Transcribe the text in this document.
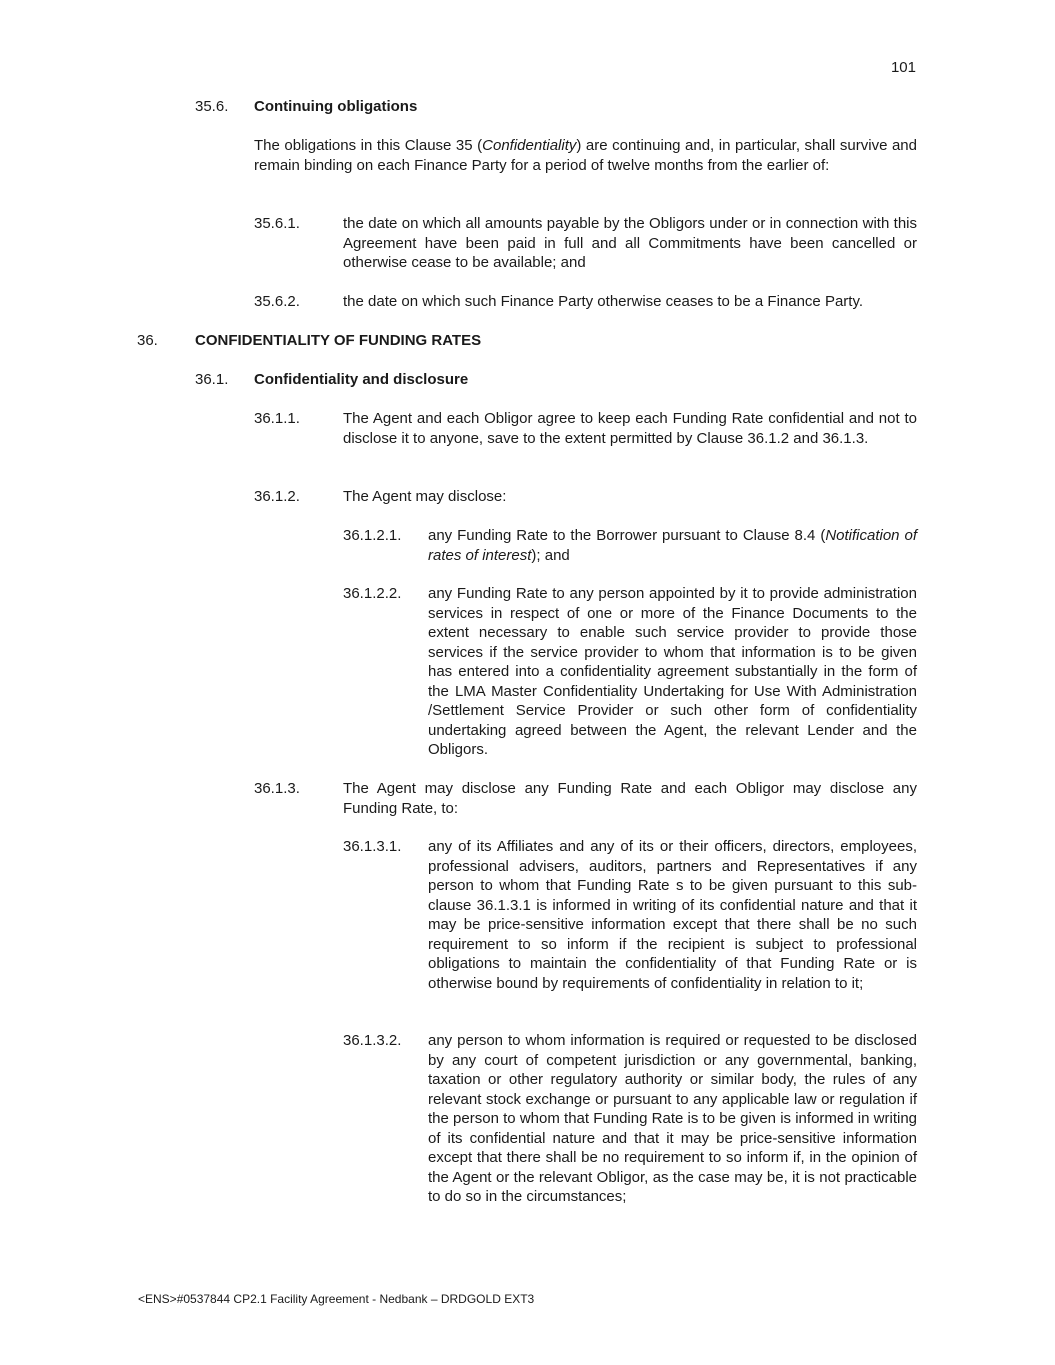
101
35.6. Continuing obligations
The obligations in this Clause 35 (Confidentiality) are continuing and, in particular, shall survive and remain binding on each Finance Party for a period of twelve months from the earlier of:
35.6.1.	the date on which all amounts payable by the Obligors under or in connection with this Agreement have been paid in full and all Commitments have been cancelled or otherwise cease to be available; and
35.6.2.	the date on which such Finance Party otherwise ceases to be a Finance Party.
36. CONFIDENTIALITY OF FUNDING RATES
36.1. Confidentiality and disclosure
36.1.1.	The Agent and each Obligor agree to keep each Funding Rate confidential and not to disclose it to anyone, save to the extent permitted by Clause 36.1.2 and 36.1.3.
36.1.2.	The Agent may disclose:
36.1.2.1. any Funding Rate to the Borrower pursuant to Clause 8.4 (Notification of rates of interest); and
36.1.2.2. any Funding Rate to any person appointed by it to provide administration services in respect of one or more of the Finance Documents to the extent necessary to enable such service provider to provide those services if the service provider to whom that information is to be given has entered into a confidentiality agreement substantially in the form of the LMA Master Confidentiality Undertaking for Use With Administration /Settlement Service Provider or such other form of confidentiality undertaking agreed between the Agent, the relevant Lender and the Obligors.
36.1.3.	The Agent may disclose any Funding Rate and each Obligor may disclose any Funding Rate, to:
36.1.3.1. any of its Affiliates and any of its or their officers, directors, employees, professional advisers, auditors, partners and Representatives if any person to whom that Funding Rate s to be given pursuant to this sub-clause 36.1.3.1 is informed in writing of its confidential nature and that it may be price-sensitive information except that there shall be no such requirement to so inform if the recipient is subject to professional obligations to maintain the confidentiality of that Funding Rate or is otherwise bound by requirements of confidentiality in relation to it;
36.1.3.2. any person to whom information is required or requested to be disclosed by any court of competent jurisdiction or any governmental, banking, taxation or other regulatory authority or similar body, the rules of any relevant stock exchange or pursuant to any applicable law or regulation if the person to whom that Funding Rate is to be given is informed in writing of its confidential nature and that it may be price-sensitive information except that there shall be no requirement to so inform if, in the opinion of the Agent or the relevant Obligor, as the case may be, it is not practicable to do so in the circumstances;
<ENS>#0537844 CP2.1 Facility Agreement - Nedbank – DRDGOLD EXT3
